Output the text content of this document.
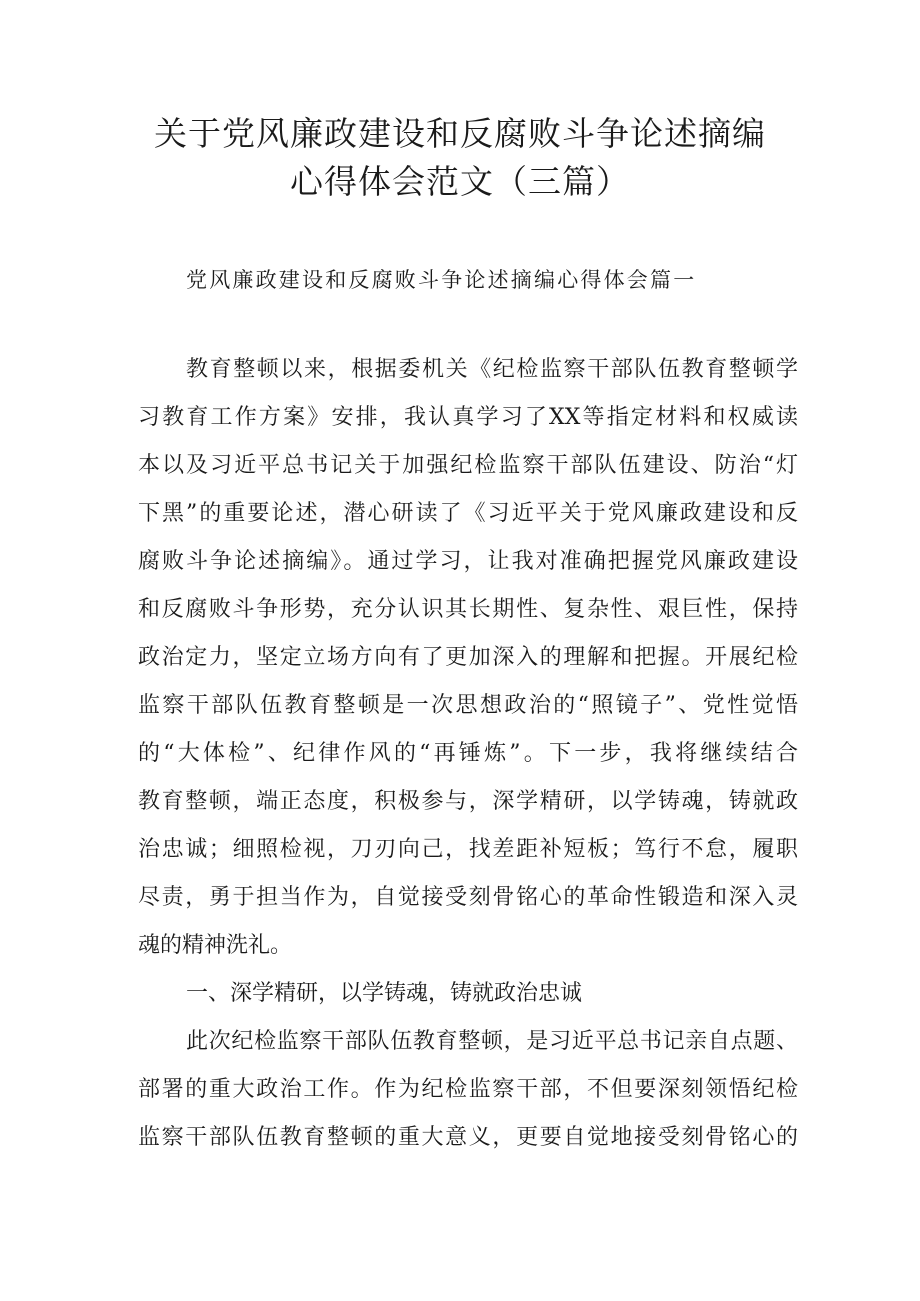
关于党风廉政建设和反腐败斗争论述摘编
心得体会范文（三篇）

党风廉政建设和反腐败斗争论述摘编心得体会篇一

教育整顿以来，根据委机关《纪检监察干部队伍教育整顿学

习教育工作方案》安排，我认真学习了XX等指定材料和权威读

本以及习近平总书记关于加强纪检监察干部队伍建设、防治“灯

下黑”的重要论述，潜心研读了《习近平关于党风廉政建设和反

腐败斗争论述摘编》。通过学习，让我对准确把握党风廉政建设

和反腐败斗争形势，充分认识其长期性、复杂性、艰巨性，保持

政治定力，坚定立场方向有了更加深入的理解和把握。开展纪检

监察干部队伍教育整顿是一次思想政治的“照镜子”、党性觉悟

的“大体检”、纪律作风的“再锤炼”。下一步，我将继续结合

教育整顿，端正态度，积极参与，深学精研，以学铸魂，铸就政

治忠诚；细照检视，刀刃向己，找差距补短板；笃行不怠，履职

尽责，勇于担当作为，自觉接受刻骨铭心的革命性锻造和深入灵

魂的精神洗礼。

一、深学精研，以学铸魂，铸就政治忠诚

此次纪检监察干部队伍教育整顿，是习近平总书记亲自点题、

部署的重大政治工作。作为纪检监察干部，不但要深刻领悟纪检

监察干部队伍教育整顿的重大意义，更要自觉地接受刻骨铭心的
